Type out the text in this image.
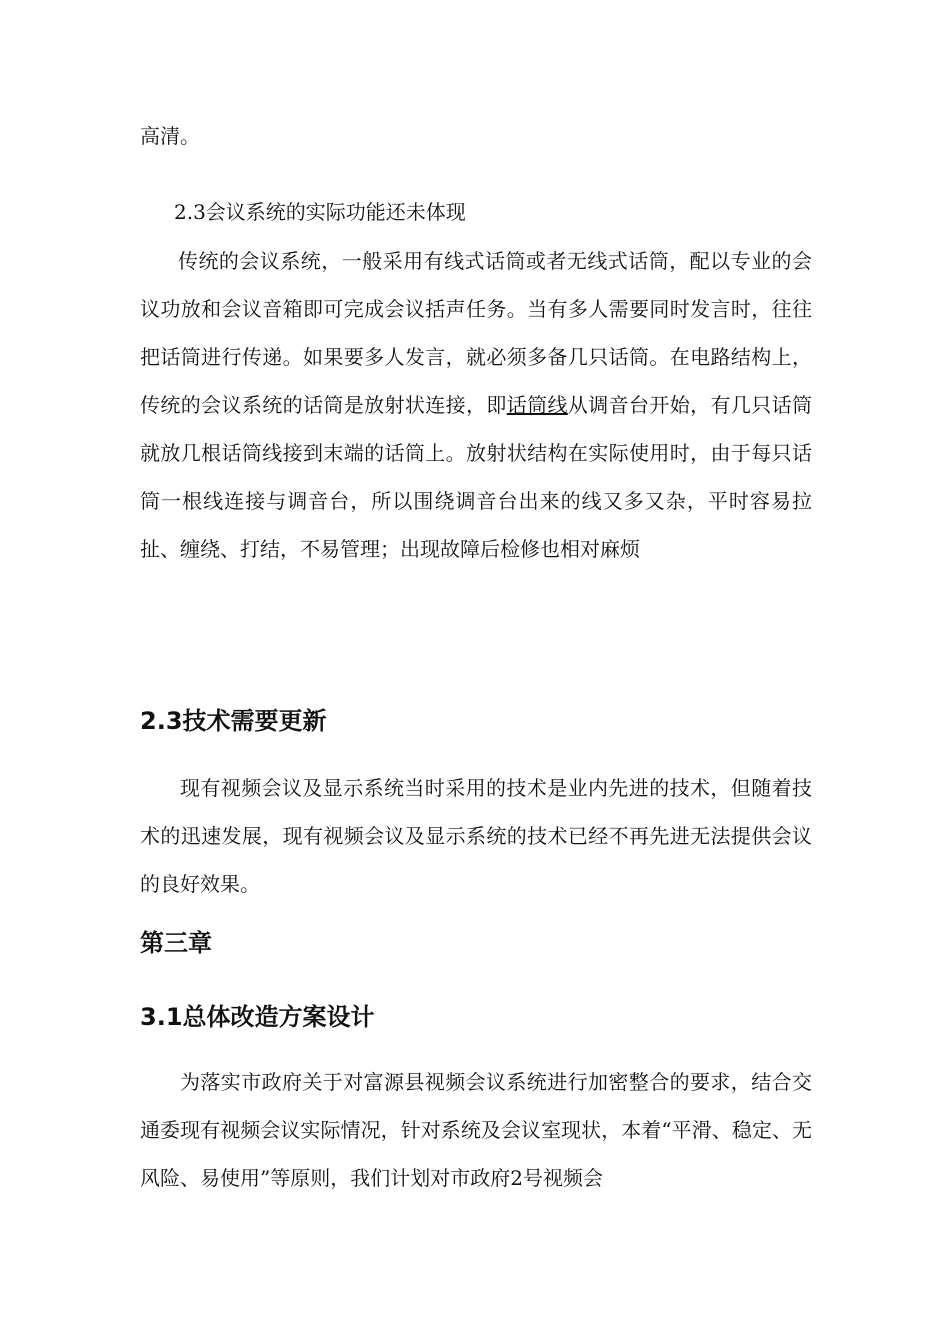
高清。

2.3会议系统的实际功能还未体现

传统的会议系统，一般采用有线式话筒或者无线式话筒，配以专业的会议功放和会议音箱即可完成会议括声任务。当有多人需要同时发言时，往往把话筒进行传递。如果要多人发言，就必须多备几只话筒。在电路结构上，传统的会议系统的话筒是放射状连接，即话筒线从调音台开始，有几只话筒就放几根话筒线接到末端的话筒上。放射状结构在实际使用时，由于每只话筒一根线连接与调音台，所以围绕调音台出来的线又多又杂，平时容易拉扯、缠绕、打结，不易管理；出现故障后检修也相对麻烦

2.3技术需要更新

现有视频会议及显示系统当时采用的技术是业内先进的技术，但随着技术的迅速发展，现有视频会议及显示系统的技术已经不再先进无法提供会议的良好效果。

第三章
3.1总体改造方案设计

为落实市政府关于对富源县视频会议系统进行加密整合的要求，结合交通委现有视频会议实际情况，针对系统及会议室现状，本着“平滑、稳定、无风险、易使用”等原则，我们计划对市政府2号视频会
